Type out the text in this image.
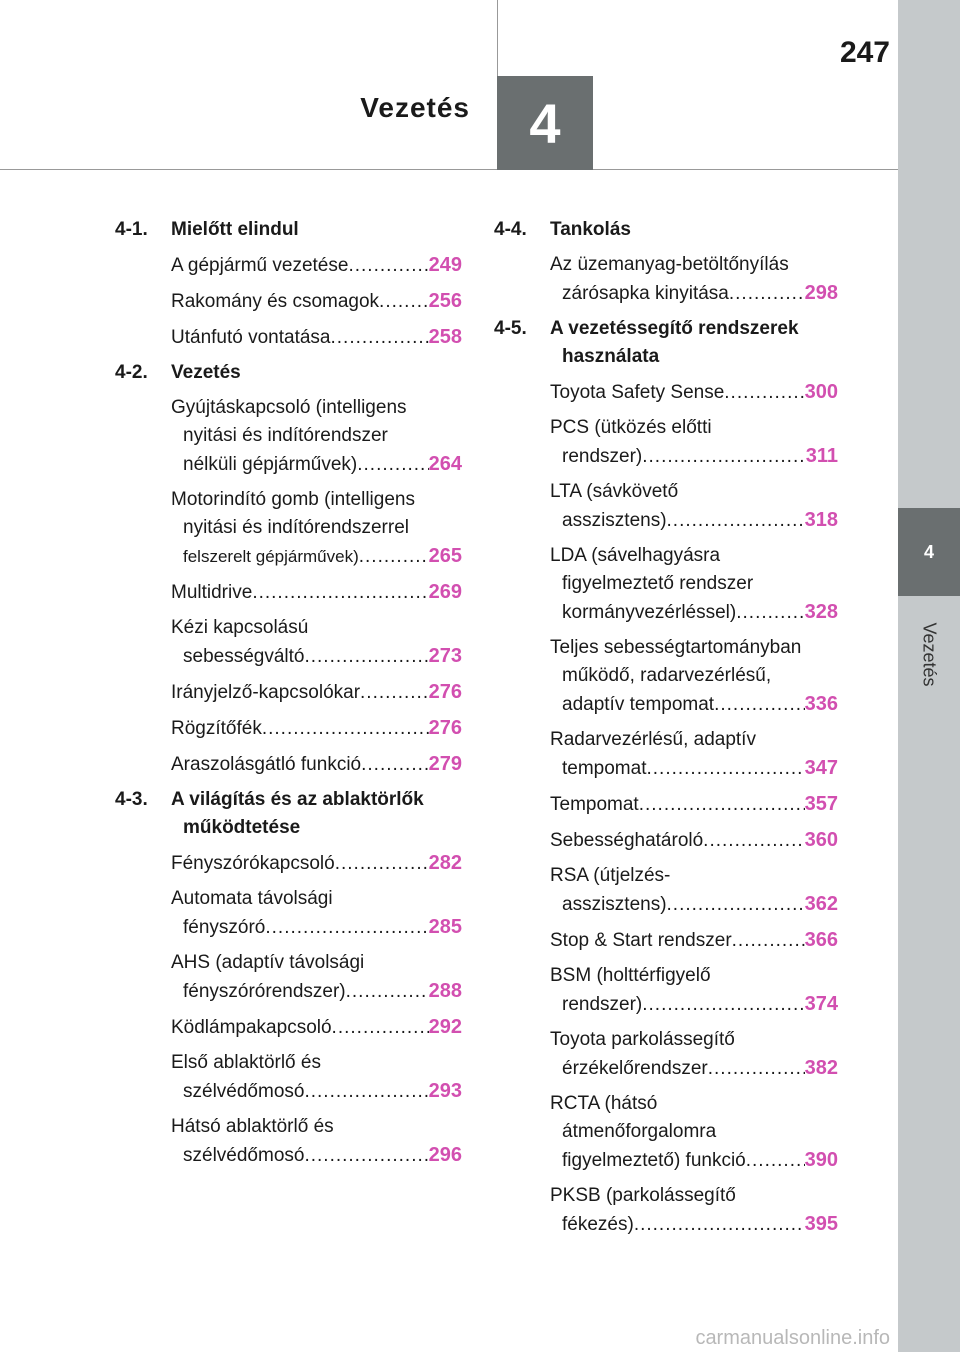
247
Vezetés	4
4
Vezetés
4-1.	Mielőtt elindul
A gépjármű vezetése .....	249
Rakomány és csomagok ..... 256
Utánfutó vontatása .....	258
4-2.	Vezetés
Gyújtáskapcsoló (intelligens
nyitási és indítórendszer
nélküli gépjárművek) .....	264
Motorindító gomb (intelligens
nyitási és indítórendszerrel
felszerelt gépjárművek) .....	265
Multidrive .....	269
Kézi kapcsolású
sebességváltó .....	273
Irányjelző-kapcsolókar .....	276
Rögzítőfék .....	276
Araszolásgátló funkció .....	279
4-3.	A világítás és az ablaktörlők
működtetése
Fényszórókapcsoló .....	282
Automata távolsági
fényszóró .....	285
AHS (adaptív távolsági
fényszórórendszer) .....	288
Ködlámpakapcsoló .....	292
Első ablaktörlő és
szélvédőmosó .....	293
Hátsó ablaktörlő és
szélvédőmosó .....	296
4-4.	Tankolás
Az üzemanyag-betöltőnyílás
zárósapka kinyitása .....	298
4-5.	A vezetéssegítő rendszerek
használata
Toyota Safety Sense .....	300
PCS (ütközés előtti
rendszer) .....	311
LTA (sávkövető
asszisztens) .....	318
LDA (sávelhagyásra
figyelmeztető rendszer
kormányvezérléssel) .....	328
Teljes sebességtartományban
működő, radarvezérlésű,
adaptív tempomat .....	336
Radarvezérlésű, adaptív
tempomat .....	347
Tempomat .....	357
Sebességhatároló .....	360
RSA (útjelzés-
asszisztens) .....	362
Stop & Start rendszer .....	366
BSM (holttérfigyelő
rendszer) .....	374
Toyota parkolássegítő
érzékelőrendszer .....	382
RCTA (hátsó
átmenőforgalomra
figyelmeztető) funkció .....	390
PKSB (parkolássegítő
fékezés) .....	395
carmanualsonline.info
